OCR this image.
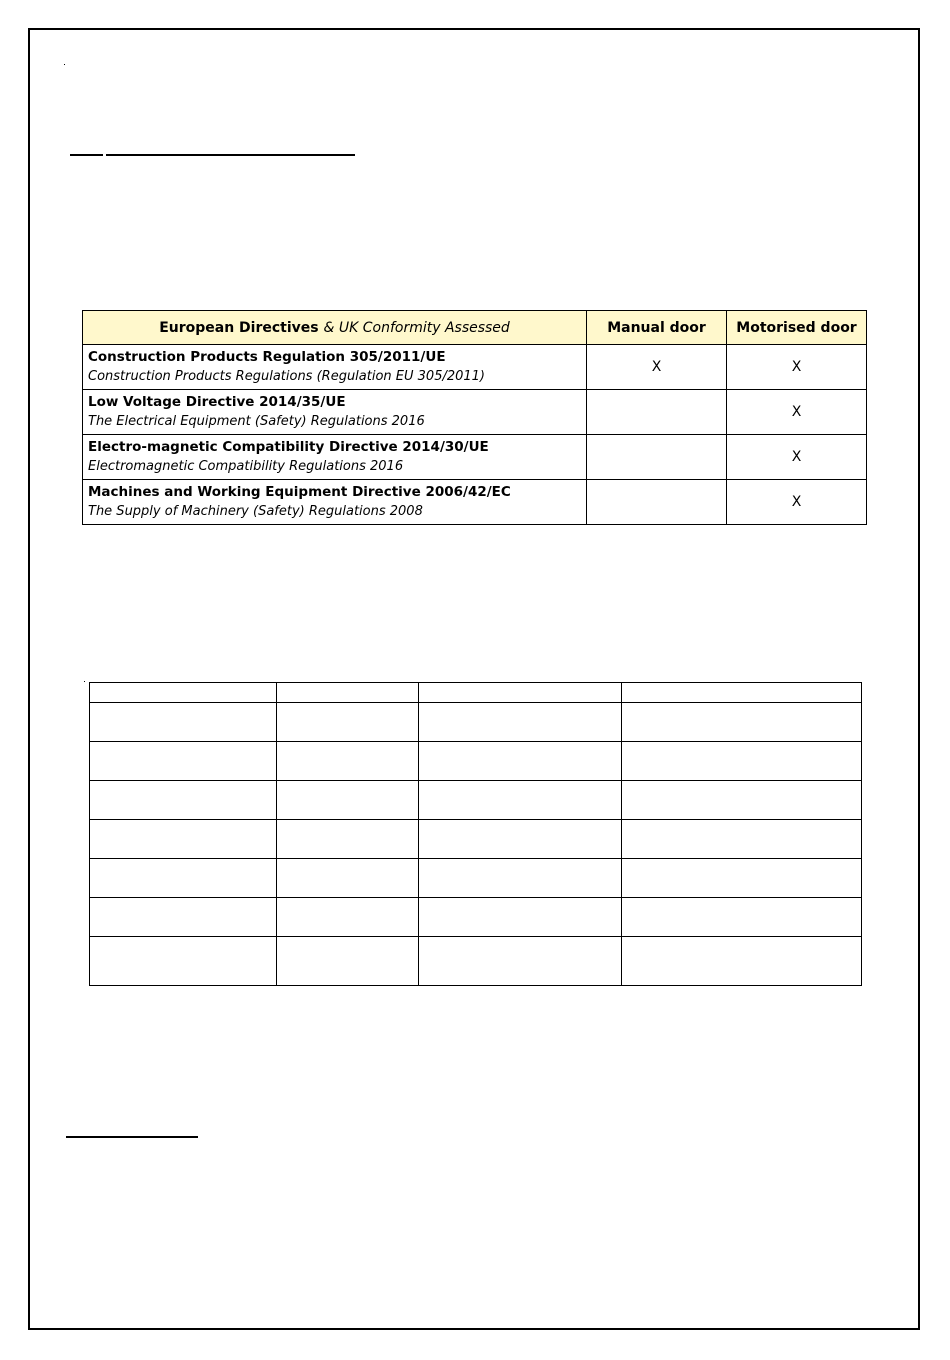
European Directives & UK Conformity Assessed	Manual door	Motorised door

Construction Products Regulation 305/2011/UE
Construction Products Regulations (Regulation EU 305/2011)	X	X

Low Voltage Directive 2014/35/UE
The Electrical Equipment (Safety) Regulations 2016		X

Electro-magnetic Compatibility Directive 2014/30/UE
Electromagnetic Compatibility Regulations 2016		X

Machines and Working Equipment Directive 2006/42/EC
The Supply of Machinery (Safety) Regulations 2008		X
